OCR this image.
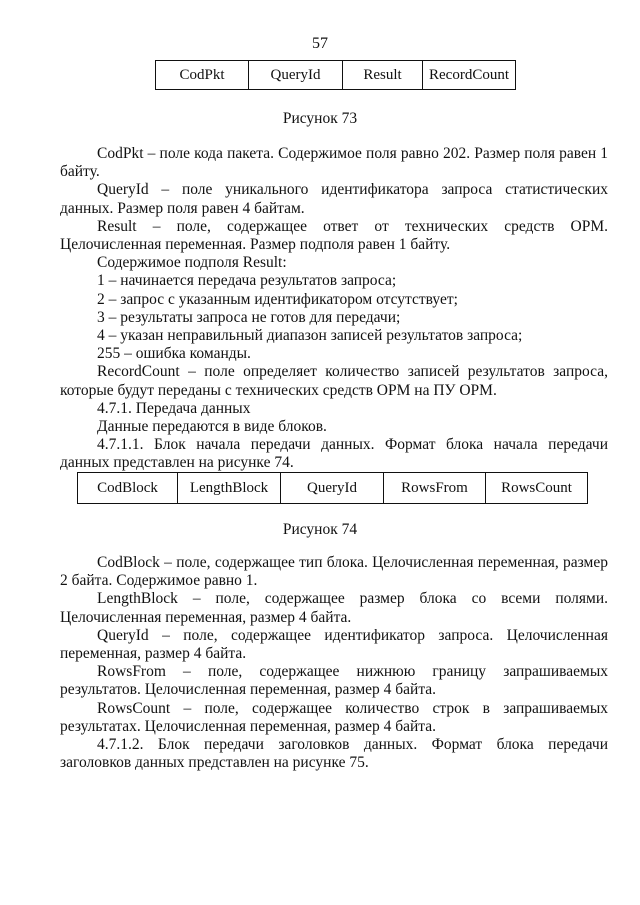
57
CodPkt	QueryId	Result	RecordCount
Рисунок 73

CodPkt – поле кода пакета. Содержимое поля равно 202. Размер поля равен 1 байту.

QueryId – поле уникального идентификатора запроса статистических данных. Размер поля равен 4 байтам.

Result – поле, содержащее ответ от технических средств ОРМ. Целочисленная переменная. Размер подполя равен 1 байту.

Содержимое подполя Result:

1 – начинается передача результатов запроса;

2 – запрос с указанным идентификатором отсутствует;

3 – результаты запроса не готов для передачи;

4 – указан неправильный диапазон записей результатов запроса;

255 – ошибка команды.

RecordCount – поле определяет количество записей результатов запроса, которые будут переданы с технических средств ОРМ на ПУ ОРМ.

4.7.1. Передача данных

Данные передаются в виде блоков.

4.7.1.1. Блок начала передачи данных. Формат блока начала передачи данных представлен на рисунке 74.

CodBlock	LengthBlock	QueryId	RowsFrom	RowsCount
Рисунок 74

CodBlock – поле, содержащее тип блока. Целочисленная переменная, размер 2 байта. Содержимое равно 1.

LengthBlock – поле, содержащее размер блока со всеми полями. Целочисленная переменная, размер 4 байта.

QueryId – поле, содержащее идентификатор запроса. Целочисленная переменная, размер 4 байта.

RowsFrom – поле, содержащее нижнюю границу запрашиваемых результатов. Целочисленная переменная, размер 4 байта.

RowsCount – поле, содержащее количество строк в запрашиваемых результатах. Целочисленная переменная, размер 4 байта.

4.7.1.2. Блок передачи заголовков данных. Формат блока передачи заголовков данных представлен на рисунке 75.
